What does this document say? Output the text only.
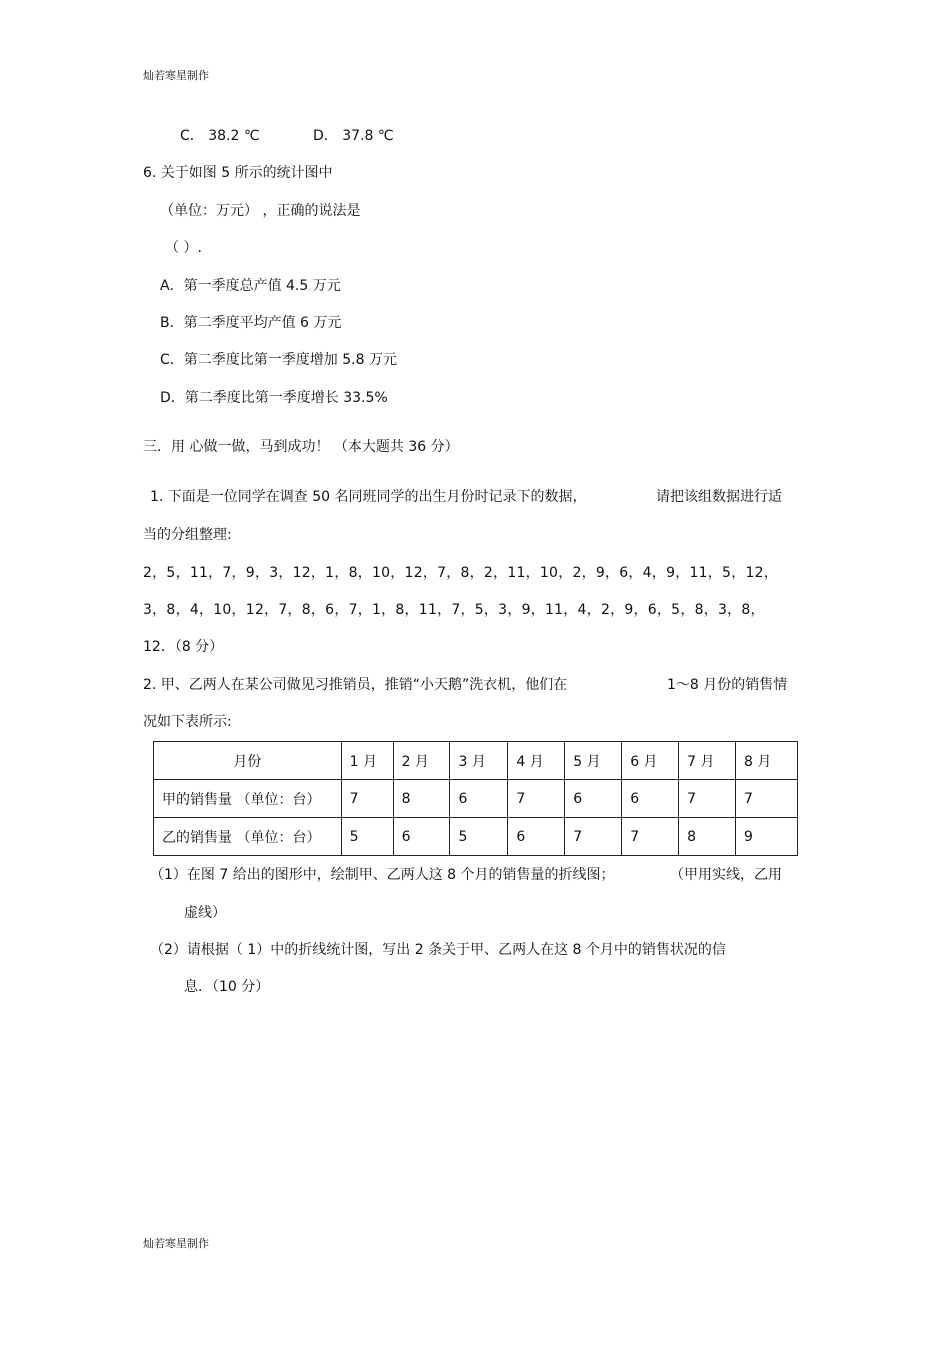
灿若寒星制作
C． 38.2 ℃	D． 37.8 ℃
6. 关于如图 5 所示的统计图中
（单位：万元） ，正确的说法是
（ ）.
A．第一季度总产值 4.5 万元
B．第二季度平均产值 6 万元
C．第二季度比第一季度增加 5.8 万元
D．第二季度比第一季度增长 33.5%
三．用 心做一做，马到成功！ （本大题共 36 分）
1. 下面是一位同学在调查 50 名同班同学的出生月份时记录下的数据，	请把该组数据进行适
当的分组整理:
2，5，11，7，9，3，12，1，8，10，12，7，8，2，11，10，2，9，6，4，9，11，5，12，
3，8，4，10，12，7，8，6，7，1，8，11，7，5，3，9，11，4，2，9，6，5，8，3，8，
12．（8 分）
2. 甲、乙两人在某公司做见习推销员，推销“小天鹅”洗衣机，他们在	1～8 月份的销售情
况如下表所示:
月份	1 月	2 月	3 月	4 月	5 月	6 月	7 月	8 月
甲的销售量 （单位：台）	7	8	6	7	6	6	7	7
乙的销售量 （单位：台）	5	6	5	6	7	7	8	9
（1）在图 7 给出的图形中，绘制甲、乙两人这 8 个月的销售量的折线图；	（甲用实线，乙用
虚线）
（2）请根据（ 1）中的折线统计图，写出 2 条关于甲、乙两人在这 8 个月中的销售状况的信
息．（10 分）
灿若寒星制作
